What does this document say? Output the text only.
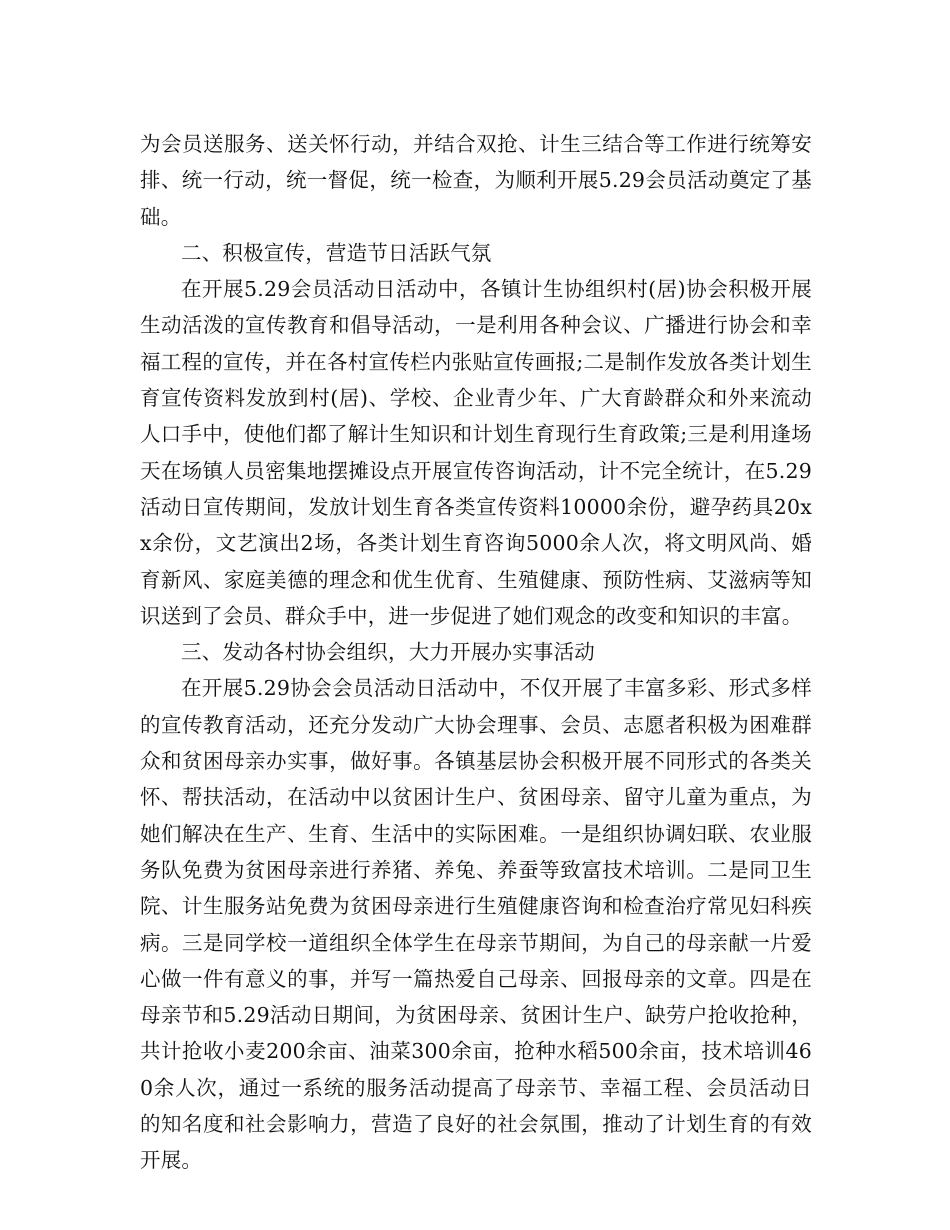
为会员送服务、送关怀行动，并结合双抢、计生三结合等工作进行统筹安排、统一行动，统一督促，统一检查，为顺利开展5.29会员活动奠定了基础。

二、积极宣传，营造节日活跃气氛

在开展5.29会员活动日活动中，各镇计生协组织村(居)协会积极开展生动活泼的宣传教育和倡导活动，一是利用各种会议、广播进行协会和幸福工程的宣传，并在各村宣传栏内张贴宣传画报;二是制作发放各类计划生育宣传资料发放到村(居)、学校、企业青少年、广大育龄群众和外来流动人口手中，使他们都了解计生知识和计划生育现行生育政策;三是利用逢场天在场镇人员密集地摆摊设点开展宣传咨询活动，计不完全统计，在5.29活动日宣传期间，发放计划生育各类宣传资料10000余份，避孕药具20xx余份，文艺演出2场，各类计划生育咨询5000余人次，将文明风尚、婚育新风、家庭美德的理念和优生优育、生殖健康、预防性病、艾滋病等知识送到了会员、群众手中，进一步促进了她们观念的改变和知识的丰富。

三、发动各村协会组织，大力开展办实事活动

在开展5.29协会会员活动日活动中，不仅开展了丰富多彩、形式多样的宣传教育活动，还充分发动广大协会理事、会员、志愿者积极为困难群众和贫困母亲办实事，做好事。各镇基层协会积极开展不同形式的各类关怀、帮扶活动，在活动中以贫困计生户、贫困母亲、留守儿童为重点，为她们解决在生产、生育、生活中的实际困难。一是组织协调妇联、农业服务队免费为贫困母亲进行养猪、养兔、养蚕等致富技术培训。二是同卫生院、计生服务站免费为贫困母亲进行生殖健康咨询和检查治疗常见妇科疾病。三是同学校一道组织全体学生在母亲节期间，为自己的母亲献一片爱心做一件有意义的事，并写一篇热爱自己母亲、回报母亲的文章。四是在母亲节和5.29活动日期间，为贫困母亲、贫困计生户、缺劳户抢收抢种，共计抢收小麦200余亩、油菜300余亩，抢种水稻500余亩，技术培训460余人次，通过一系统的服务活动提高了母亲节、幸福工程、会员活动日的知名度和社会影响力，营造了良好的社会氛围，推动了计划生育的有效开展。
